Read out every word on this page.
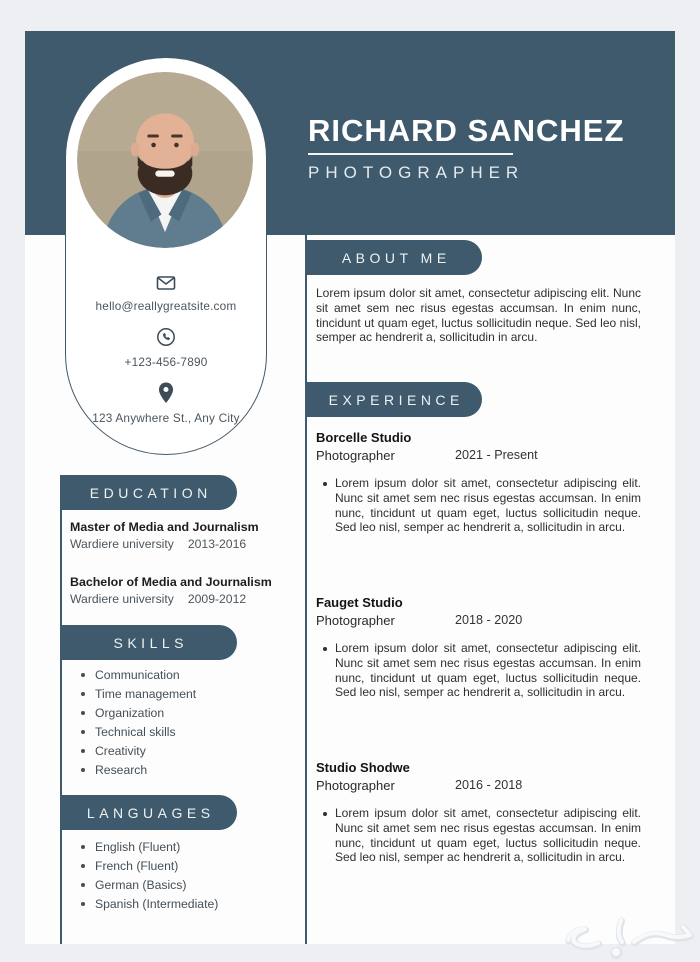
RICHARD SANCHEZ
PHOTOGRAPHER
hello@reallygreatsite.com
+123-456-7890
123 Anywhere St., Any City
EDUCATION
Master of Media and Journalism
Wardiere university 2013-2016
Bachelor of Media and Journalism
Wardiere university 2009-2012
SKILLS
Communication
Time management
Organization
Technical skills
Creativity
Research
LANGUAGES
English (Fluent)
French (Fluent)
German (Basics)
Spanish (Intermediate)
ABOUT ME

Lorem ipsum dolor sit amet, consectetur adipiscing elit. Nunc sit amet sem nec risus egestas accumsan. In enim nunc, tincidunt ut quam eget, luctus sollicitudin neque. Sed leo nisl, semper ac hendrerit a, sollicitudin in arcu.

EXPERIENCE
Borcelle Studio
Photographer	2021 - Present

Lorem ipsum dolor sit amet, consectetur adipiscing elit. Nunc sit amet sem nec risus egestas accumsan. In enim nunc, tincidunt ut quam eget, luctus sollicitudin neque. Sed leo nisl, semper ac hendrerit a, sollicitudin in arcu.

Fauget Studio
Photographer	2018 - 2020

Lorem ipsum dolor sit amet, consectetur adipiscing elit. Nunc sit amet sem nec risus egestas accumsan. In enim nunc, tincidunt ut quam eget, luctus sollicitudin neque. Sed leo nisl, semper ac hendrerit a, sollicitudin in arcu.

Studio Shodwe
Photographer	2016 - 2018

Lorem ipsum dolor sit amet, consectetur adipiscing elit. Nunc sit amet sem nec risus egestas accumsan. In enim nunc, tincidunt ut quam eget, luctus sollicitudin neque. Sed leo nisl, semper ac hendrerit a, sollicitudin in arcu.
